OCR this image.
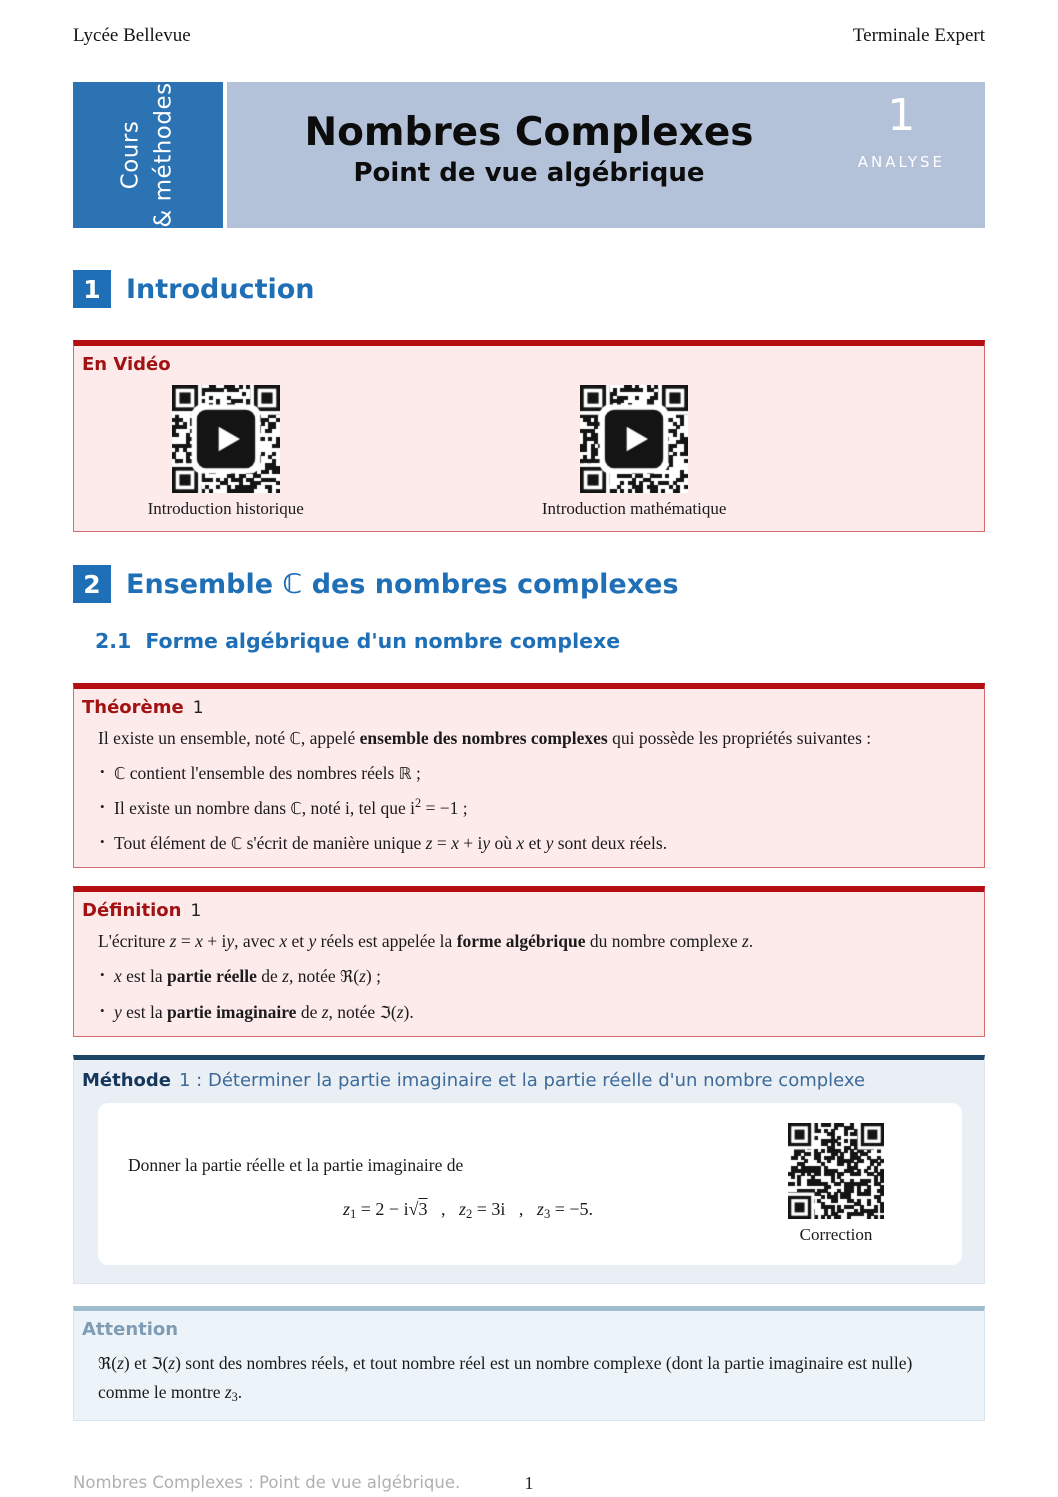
Lycée Bellevue	Terminale Expert
Cours & méthodes	Nombres Complexes
Point de vue algébrique
1
ANALYSE
1 Introduction
En Vidéo
Introduction historique	Introduction mathématique
2 Ensemble ℂ des nombres complexes
2.1 Forme algébrique d'un nombre complexe
Théorème 1
Il existe un ensemble, noté ℂ, appelé ensemble des nombres complexes qui possède les propriétés suivantes :
• ℂ contient l'ensemble des nombres réels ℝ ;
• Il existe un nombre dans ℂ, noté i, tel que $i^2 = -1$ ;
• Tout élément de ℂ s'écrit de manière unique z = x + iy où x et y sont deux réels.
Définition 1
L'écriture z = x + iy, avec x et y réels est appelée la forme algébrique du nombre complexe z.
• x est la partie réelle de z, notée ℜ(z) ;
• y est la partie imaginaire de z, notée ℑ(z).
Méthode 1 : Déterminer la partie imaginaire et la partie réelle d'un nombre complexe
Donner la partie réelle et la partie imaginaire de
z1 = 2 − i√3   ,   z2 = 3i   ,   z3 = −5.
Correction
Attention
ℜ(z) et ℑ(z) sont des nombres réels, et tout nombre réel est un nombre complexe (dont la partie imaginaire est nulle) comme le montre z3.
Nombres Complexes : Point de vue algébrique.	1
